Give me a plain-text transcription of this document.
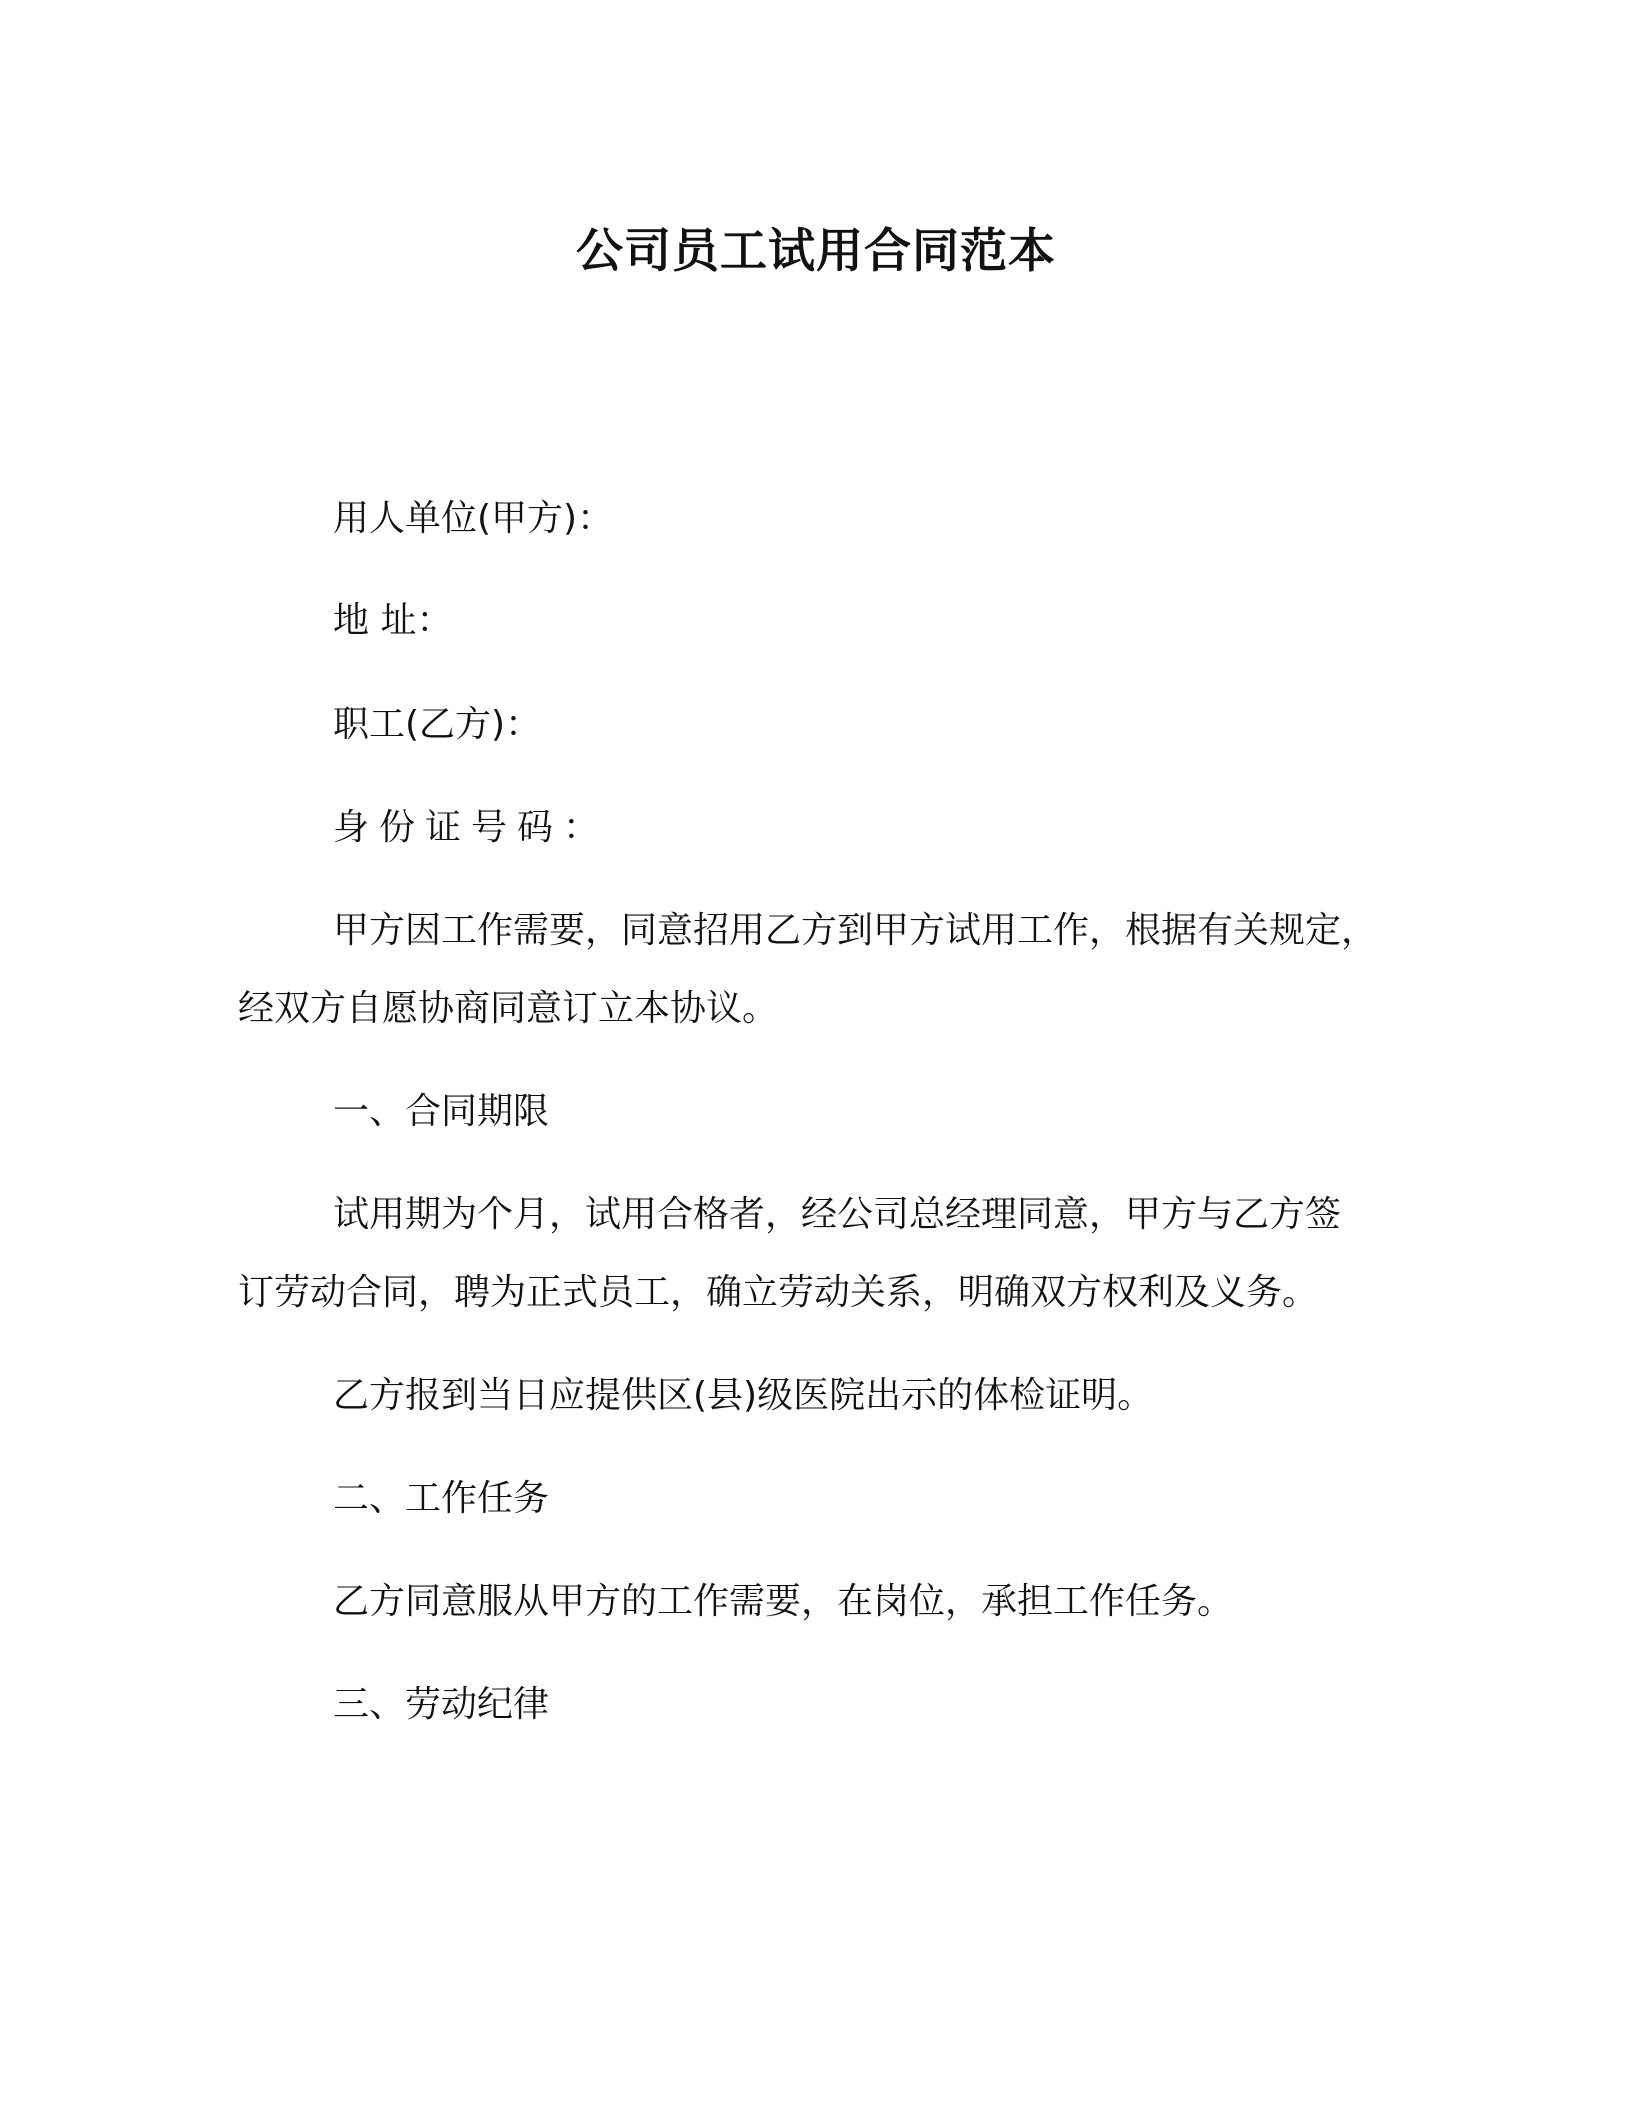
公司员工试用合同范本

用人单位(甲方)：

地 址：

职工(乙方)：

身份证号码：

甲方因工作需要，同意招用乙方到甲方试用工作，根据有关规定，

经双方自愿协商同意订立本协议。

一、合同期限

试用期为个月，试用合格者，经公司总经理同意，甲方与乙方签

订劳动合同，聘为正式员工，确立劳动关系，明确双方权利及义务。

乙方报到当日应提供区(县)级医院出示的体检证明。

二、工作任务

乙方同意服从甲方的工作需要，在岗位，承担工作任务。

三、劳动纪律
